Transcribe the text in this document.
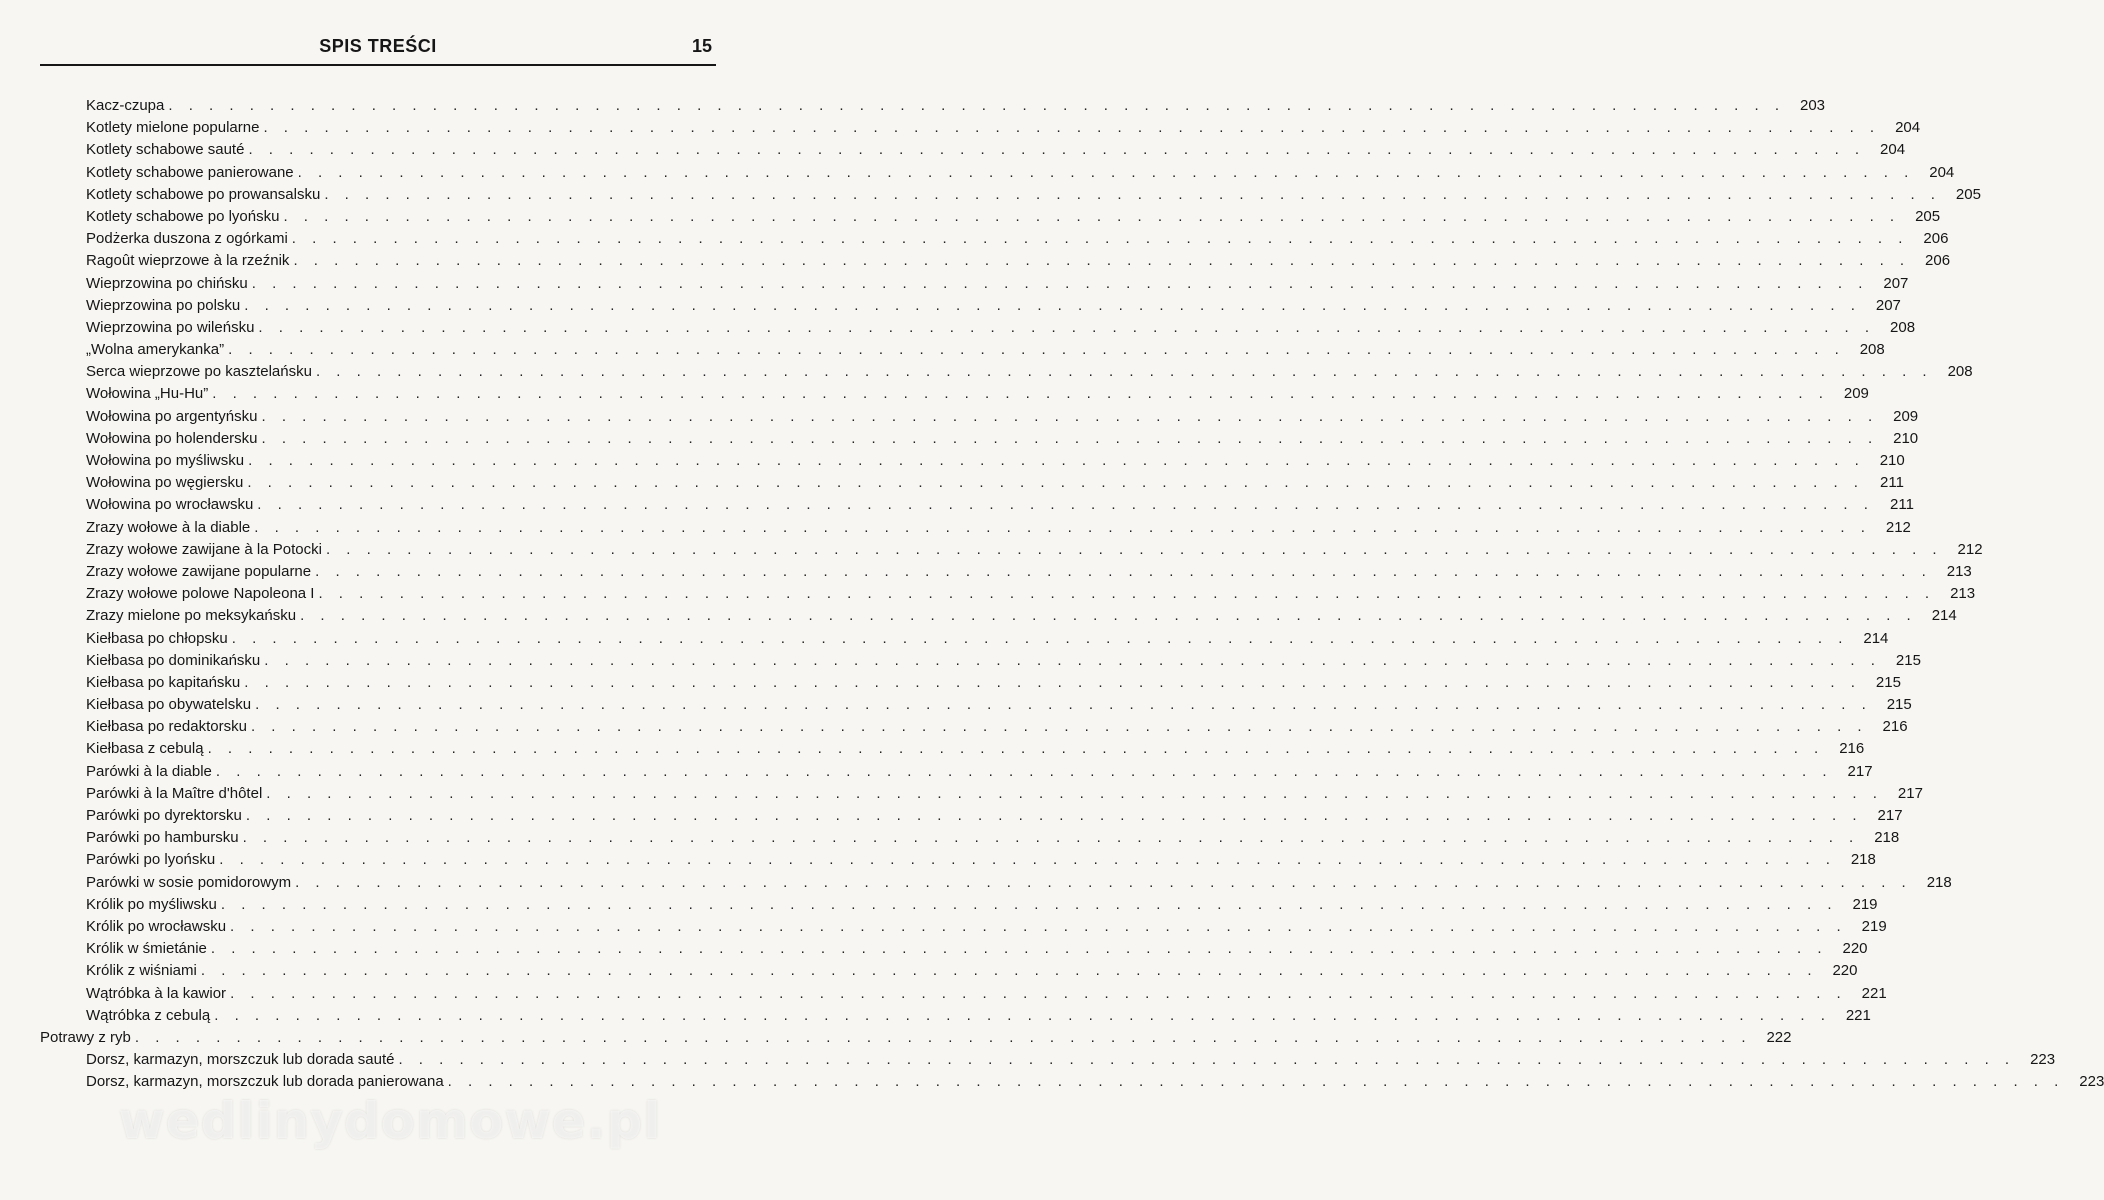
SPIS TREŚCI	15
Kacz-czupa . . . . . . . . . . . . . . . . . . . . . . . . . . . . . . . . . . . . . . . . . . . . . . . . . . . . . . . . . . . . . . . . . . . . . . . . . . . . . . . . 203
Kotlety mielone popularne . . . . . . . . . . . . . . . . . . . . . . . . . . . . . . . . . . . . . . . . . . . . . . . . . . . . . . . . . . . . . . . . . . . . . . . . . . . . . . . . 204
Kotlety schabowe sauté . . . . . . . . . . . . . . . . . . . . . . . . . . . . . . . . . . . . . . . . . . . . . . . . . . . . . . . . . . . . . . . . . . . . . . . . . . . . . . . . 204
Kotlety schabowe panierowane . . . . . . . . . . . . . . . . . . . . . . . . . . . . . . . . . . . . . . . . . . . . . . . . . . . . . . . . . . . . . . . . . . . . . . . . . . . . . . . . 204
Kotlety schabowe po prowansalsku . . . . . . . . . . . . . . . . . . . . . . . . . . . . . . . . . . . . . . . . . . . . . . . . . . . . . . . . . . . . . . . . . . . . . . . . . . . . . . . . 205
Kotlety schabowe po lyońsku . . . . . . . . . . . . . . . . . . . . . . . . . . . . . . . . . . . . . . . . . . . . . . . . . . . . . . . . . . . . . . . . . . . . . . . . . . . . . . . . 205
Podżerka duszona z ogórkami . . . . . . . . . . . . . . . . . . . . . . . . . . . . . . . . . . . . . . . . . . . . . . . . . . . . . . . . . . . . . . . . . . . . . . . . . . . . . . . . 206
Ragoût wieprzowe à la rzeźnik . . . . . . . . . . . . . . . . . . . . . . . . . . . . . . . . . . . . . . . . . . . . . . . . . . . . . . . . . . . . . . . . . . . . . . . . . . . . . . . . 206
Wieprzowina po chińsku . . . . . . . . . . . . . . . . . . . . . . . . . . . . . . . . . . . . . . . . . . . . . . . . . . . . . . . . . . . . . . . . . . . . . . . . . . . . . . . . 207
Wieprzowina po polsku . . . . . . . . . . . . . . . . . . . . . . . . . . . . . . . . . . . . . . . . . . . . . . . . . . . . . . . . . . . . . . . . . . . . . . . . . . . . . . . . 207
Wieprzowina po wileńsku . . . . . . . . . . . . . . . . . . . . . . . . . . . . . . . . . . . . . . . . . . . . . . . . . . . . . . . . . . . . . . . . . . . . . . . . . . . . . . . . 208
„Wolna amerykanka” . . . . . . . . . . . . . . . . . . . . . . . . . . . . . . . . . . . . . . . . . . . . . . . . . . . . . . . . . . . . . . . . . . . . . . . . . . . . . . . . 208
Serca wieprzowe po kasztelańsku . . . . . . . . . . . . . . . . . . . . . . . . . . . . . . . . . . . . . . . . . . . . . . . . . . . . . . . . . . . . . . . . . . . . . . . . . . . . . . . . 208
Wołowina „Hu-Hu” . . . . . . . . . . . . . . . . . . . . . . . . . . . . . . . . . . . . . . . . . . . . . . . . . . . . . . . . . . . . . . . . . . . . . . . . . . . . . . . . 209
Wołowina po argentyńsku . . . . . . . . . . . . . . . . . . . . . . . . . . . . . . . . . . . . . . . . . . . . . . . . . . . . . . . . . . . . . . . . . . . . . . . . . . . . . . . . 209
Wołowina po holendersku . . . . . . . . . . . . . . . . . . . . . . . . . . . . . . . . . . . . . . . . . . . . . . . . . . . . . . . . . . . . . . . . . . . . . . . . . . . . . . . . 210
Wołowina po myśliwsku . . . . . . . . . . . . . . . . . . . . . . . . . . . . . . . . . . . . . . . . . . . . . . . . . . . . . . . . . . . . . . . . . . . . . . . . . . . . . . . . 210
Wołowina po węgiersku . . . . . . . . . . . . . . . . . . . . . . . . . . . . . . . . . . . . . . . . . . . . . . . . . . . . . . . . . . . . . . . . . . . . . . . . . . . . . . . .	211
Wołowina po wrocławsku . . . . . . . . . . . . . . . . . . . . . . . . . . . . . . . . . . . . . . . . . . . . . . . . . . . . . . . . . . . . . . . . . . . . . . . . . . . . . . . .	211
Zrazy wołowe à la diable . . . . . . . . . . . . . . . . . . . . . . . . . . . . . . . . . . . . . . . . . . . . . . . . . . . . . . . . . . . . . . . . . . . . . . . . . . . . . . . . 212
Zrazy wołowe zawijane à la Potocki . . . . . . . . . . . . . . . . . . . . . . . . . . . . . . . . . . . . . . . . . . . . . . . . . . . . . . . . . . . . . . . . . . . . . . . . . . . . . . . . 212
Zrazy wołowe zawijane popularne . . . . . . . . . . . . . . . . . . . . . . . . . . . . . . . . . . . . . . . . . . . . . . . . . . . . . . . . . . . . . . . . . . . . . . . . . . . . . . . . 213
Zrazy wołowe polowe Napoleona I . . . . . . . . . . . . . . . . . . . . . . . . . . . . . . . . . . . . . . . . . . . . . . . . . . . . . . . . . . . . . . . . . . . . . . . . . . . . . . . . 213
Zrazy mielone po meksykańsku . . . . . . . . . . . . . . . . . . . . . . . . . . . . . . . . . . . . . . . . . . . . . . . . . . . . . . . . . . . . . . . . . . . . . . . . . . . . . . . . 214
Kiełbasa po chłopsku . . . . . . . . . . . . . . . . . . . . . . . . . . . . . . . . . . . . . . . . . . . . . . . . . . . . . . . . . . . . . . . . . . . . . . . . . . . . . . . . 214
Kiełbasa po dominikańsku . . . . . . . . . . . . . . . . . . . . . . . . . . . . . . . . . . . . . . . . . . . . . . . . . . . . . . . . . . . . . . . . . . . . . . . . . . . . . . . . 215
Kiełbasa po kapitańsku . . . . . . . . . . . . . . . . . . . . . . . . . . . . . . . . . . . . . . . . . . . . . . . . . . . . . . . . . . . . . . . . . . . . . . . . . . . . . . . . 215
Kiełbasa po obywatelsku . . . . . . . . . . . . . . . . . . . . . . . . . . . . . . . . . . . . . . . . . . . . . . . . . . . . . . . . . . . . . . . . . . . . . . . . . . . . . . . . 215
Kiełbasa po redaktorsku . . . . . . . . . . . . . . . . . . . . . . . . . . . . . . . . . . . . . . . . . . . . . . . . . . . . . . . . . . . . . . . . . . . . . . . . . . . . . . . . 216
Kiełbasa z cebulą . . . . . . . . . . . . . . . . . . . . . . . . . . . . . . . . . . . . . . . . . . . . . . . . . . . . . . . . . . . . . . . . . . . . . . . . . . . . . . . . 216
Parówki à la diable . . . . . . . . . . . . . . . . . . . . . . . . . . . . . . . . . . . . . . . . . . . . . . . . . . . . . . . . . . . . . . . . . . . . . . . . . . . . . . . . 217
Parówki à la Maître d'hôtel . . . . . . . . . . . . . . . . . . . . . . . . . . . . . . . . . . . . . . . . . . . . . . . . . . . . . . . . . . . . . . . . . . . . . . . . . . . . . . . . 217
Parówki po dyrektorsku . . . . . . . . . . . . . . . . . . . . . . . . . . . . . . . . . . . . . . . . . . . . . . . . . . . . . . . . . . . . . . . . . . . . . . . . . . . . . . . . 217
Parówki po hambursku . . . . . . . . . . . . . . . . . . . . . . . . . . . . . . . . . . . . . . . . . . . . . . . . . . . . . . . . . . . . . . . . . . . . . . . . . . . . . . . . 218
Parówki po lyońsku . . . . . . . . . . . . . . . . . . . . . . . . . . . . . . . . . . . . . . . . . . . . . . . . . . . . . . . . . . . . . . . . . . . . . . . . . . . . . . . . 218
Parówki w sosie pomidorowym . . . . . . . . . . . . . . . . . . . . . . . . . . . . . . . . . . . . . . . . . . . . . . . . . . . . . . . . . . . . . . . . . . . . . . . . . . . . . . . . 218
Królik po myśliwsku . . . . . . . . . . . . . . . . . . . . . . . . . . . . . . . . . . . . . . . . . . . . . . . . . . . . . . . . . . . . . . . . . . . . . . . . . . . . . . . . 219
Królik po wrocławsku . . . . . . . . . . . . . . . . . . . . . . . . . . . . . . . . . . . . . . . . . . . . . . . . . . . . . . . . . . . . . . . . . . . . . . . . . . . . . . . . 219
Królik w śmietánie . . . . . . . . . . . . . . . . . . . . . . . . . . . . . . . . . . . . . . . . . . . . . . . . . . . . . . . . . . . . . . . . . . . . . . . . . . . . . . . . 220
Królik z wiśniami . . . . . . . . . . . . . . . . . . . . . . . . . . . . . . . . . . . . . . . . . . . . . . . . . . . . . . . . . . . . . . . . . . . . . . . . . . . . . . . . 220
Wątróbka à la kawior . . . . . . . . . . . . . . . . . . . . . . . . . . . . . . . . . . . . . . . . . . . . . . . . . . . . . . . . . . . . . . . . . . . . . . . . . . . . . . . . 221
Wątróbka z cebulą . . . . . . . . . . . . . . . . . . . . . . . . . . . . . . . . . . . . . . . . . . . . . . . . . . . . . . . . . . . . . . . . . . . . . . . . . . . . . . . . 221
Potrawy z ryb . . . . . . . . . . . . . . . . . . . . . . . . . . . . . . . . . . . . . . . . . . . . . . . . . . . . . . . . . . . . . . . . . . . . . . . . . . . . . . . . 222
Dorsz, karmazyn, morszczuk lub dorada sauté . . . . . . . . . . . . . . . . . . . . . . . . . . . . . . . . . . . . . . . . . . . . . . . . . . . . . . . . . . . . . . . . . . . . . . . . . . . . . . . . 223
Dorsz, karmazyn, morszczuk lub dorada panierowana . . . . . . . . . . . . . . . . . . . . . . . . . . . . . . . . . . . . . . . . . . . . . . . . . . . . . . . . . . . . . . . . . . . . . . . . . . . . . . . . 223
wedlinydomowe.pl
